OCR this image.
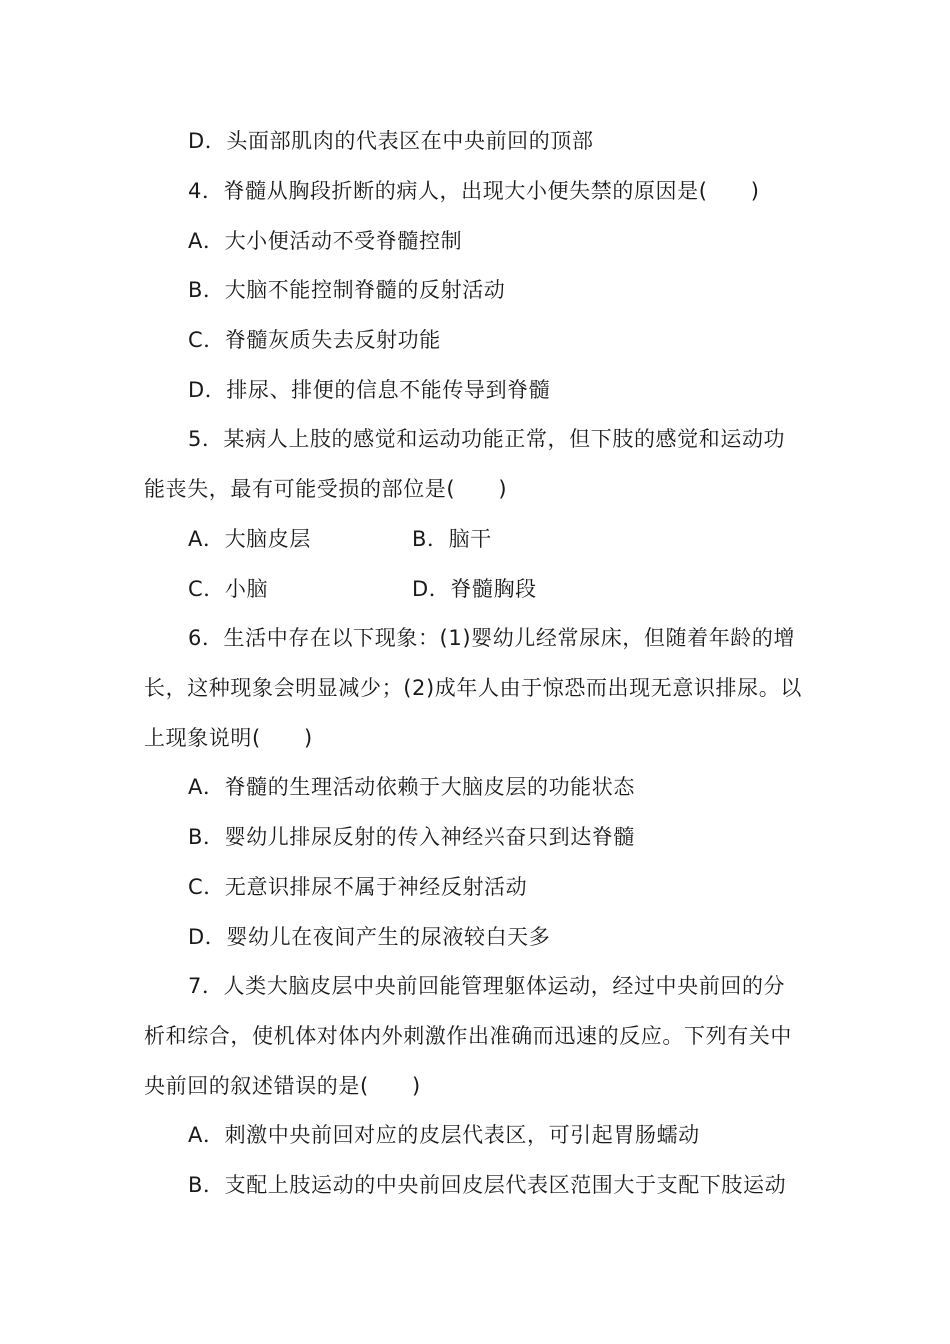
D．头面部肌肉的代表区在中央前回的顶部
4．脊髓从胸段折断的病人，出现大小便失禁的原因是(　　)
A．大小便活动不受脊髓控制
B．大脑不能控制脊髓的反射活动
C．脊髓灰质失去反射功能
D．排尿、排便的信息不能传导到脊髓
5．某病人上肢的感觉和运动功能正常，但下肢的感觉和运动功
能丧失，最有可能受损的部位是(　　)
A．大脑皮层	B．脑干
C．小脑	D．脊髓胸段
6．生活中存在以下现象：(1)婴幼儿经常尿床，但随着年龄的增
长，这种现象会明显减少；(2)成年人由于惊恐而出现无意识排尿。以
上现象说明(　　)
A．脊髓的生理活动依赖于大脑皮层的功能状态
B．婴幼儿排尿反射的传入神经兴奋只到达脊髓
C．无意识排尿不属于神经反射活动
D．婴幼儿在夜间产生的尿液较白天多
7．人类大脑皮层中央前回能管理躯体运动，经过中央前回的分
析和综合，使机体对体内外刺激作出准确而迅速的反应。下列有关中
央前回的叙述错误的是(　　)
A．刺激中央前回对应的皮层代表区，可引起胃肠蠕动
B．支配上肢运动的中央前回皮层代表区范围大于支配下肢运动
